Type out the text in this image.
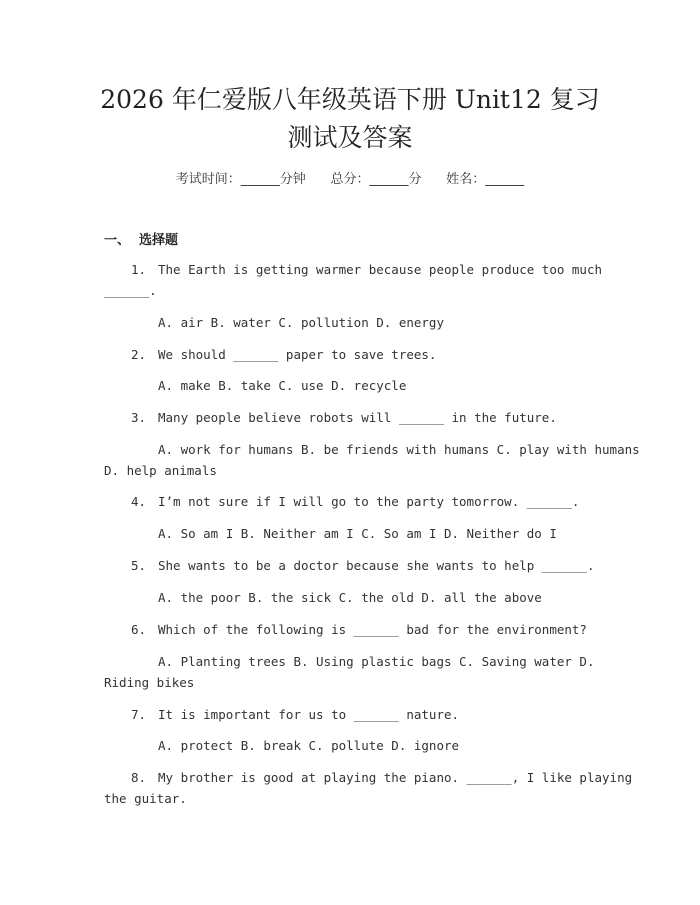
2026 年仁爱版八年级英语下册 Unit12 复习
测试及答案
考试时间：______分钟      总分：______分      姓名：______
一、  选择题
1. The Earth is getting warmer because people produce too much
______.
A. air B. water C. pollution D. energy
2. We should ______ paper to save trees.
A. make B. take C. use D. recycle
3. Many people believe robots will ______ in the future.
A. work for humans B. be friends with humans C. play with humans
D. help animals
4. I’m not sure if I will go to the party tomorrow. ______.
A. So am I B. Neither am I C. So am I D. Neither do I
5. She wants to be a doctor because she wants to help ______.
A. the poor B. the sick C. the old D. all the above
6. Which of the following is ______ bad for the environment?
A. Planting trees B. Using plastic bags C. Saving water D.
Riding bikes
7. It is important for us to ______ nature.
A. protect B. break C. pollute D. ignore
8. My brother is good at playing the piano. ______, I like playing
the guitar.
